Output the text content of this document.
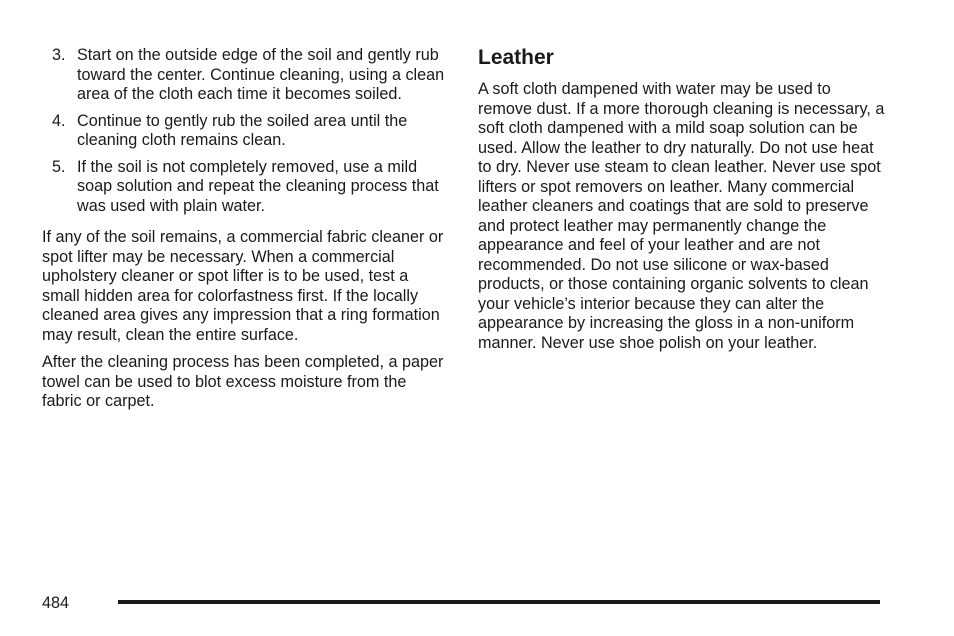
3. Start on the outside edge of the soil and gently rub toward the center. Continue cleaning, using a clean area of the cloth each time it becomes soiled.
4. Continue to gently rub the soiled area until the cleaning cloth remains clean.
5. If the soil is not completely removed, use a mild soap solution and repeat the cleaning process that was used with plain water.

If any of the soil remains, a commercial fabric cleaner or spot lifter may be necessary. When a commercial upholstery cleaner or spot lifter is to be used, test a small hidden area for colorfastness first. If the locally cleaned area gives any impression that a ring formation may result, clean the entire surface.

After the cleaning process has been completed, a paper towel can be used to blot excess moisture from the fabric or carpet.

Leather

A soft cloth dampened with water may be used to remove dust. If a more thorough cleaning is necessary, a soft cloth dampened with a mild soap solution can be used. Allow the leather to dry naturally. Do not use heat to dry. Never use steam to clean leather. Never use spot lifters or spot removers on leather. Many commercial leather cleaners and coatings that are sold to preserve and protect leather may permanently change the appearance and feel of your leather and are not recommended. Do not use silicone or wax-based products, or those containing organic solvents to clean your vehicle’s interior because they can alter the appearance by increasing the gloss in a non-uniform manner. Never use shoe polish on your leather.

484
